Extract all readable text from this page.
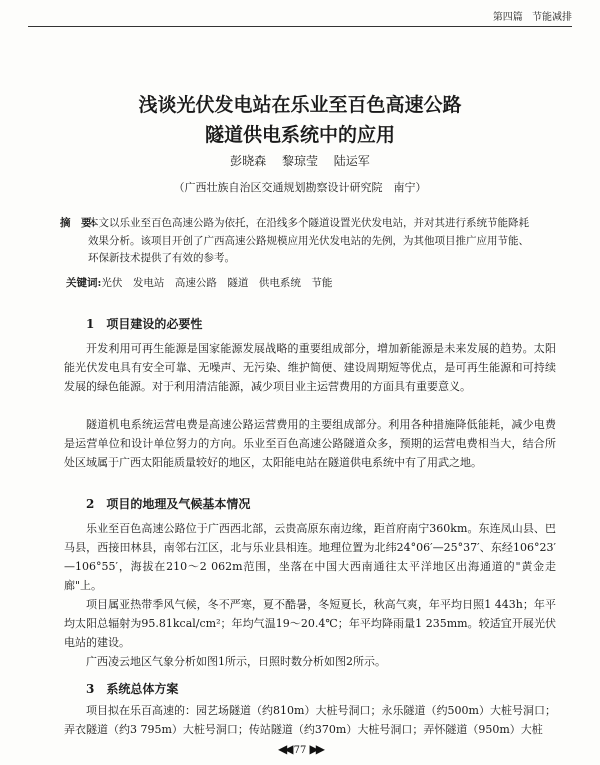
第四篇 节能减排
浅谈光伏发电站在乐业至百色高速公路
隧道供电系统中的应用
彭晓森 黎琼莹 陆运军
（广西壮族自治区交通规划勘察设计研究院　南宁）
摘　要:
本文以乐业至百色高速公路为依托，在沿线多个隧道设置光伏发电站，并对其进行系统节能降耗效果分析。该项目开创了广西高速公路规模应用光伏发电站的先例，为其他项目推广应用节能、环保新技术提供了有效的参考。
关键词:光伏　发电站　高速公路　隧道　供电系统　节能
1　项目建设的必要性
开发利用可再生能源是国家能源发展战略的重要组成部分，增加新能源是未来发展的趋势。太阳能光伏发电具有安全可靠、无噪声、无污染、维护简便、建设周期短等优点，是可再生能源和可持续发展的绿色能源。对于利用清洁能源，减少项目业主运营费用的方面具有重要意义。
隧道机电系统运营电费是高速公路运营费用的主要组成部分。利用各种措施降低能耗，减少电费是运营单位和设计单位努力的方向。乐业至百色高速公路隧道众多，预期的运营电费相当大，结合所处区域属于广西太阳能质量较好的地区，太阳能电站在隧道供电系统中有了用武之地。
2　项目的地理及气候基本情况
乐业至百色高速公路位于广西西北部，云贵高原东南边缘，距首府南宁360km。东连凤山县、巴马县，西接田林县，南邻右江区，北与乐业县相连。地理位置为北纬24°06′—25°37′、东经106°23′—106°55′，海拔在210～2 062m范围，坐落在中国大西南通往太平洋地区出海通道的"黄金走廊"上。
项目属亚热带季风气候，冬不严寒，夏不酷暑，冬短夏长，秋高气爽，年平均日照1 443h；年平均太阳总辐射为95.81kcal/cm²；年均气温19～20.4℃；年平均降雨量1 235mm。较适宜开展光伏电站的建设。
广西凌云地区气象分析如图1所示，日照时数分析如图2所示。
3　系统总体方案
项目拟在乐百高速的：园艺场隧道（约810m）大桩号洞口；永乐隧道（约500m）大桩号洞口；弄衣隧道（约3 795m）大桩号洞口；传站隧道（约370m）大桩号洞口；弄怀隧道（950m）大桩
◀◀ 77 ▶▶
